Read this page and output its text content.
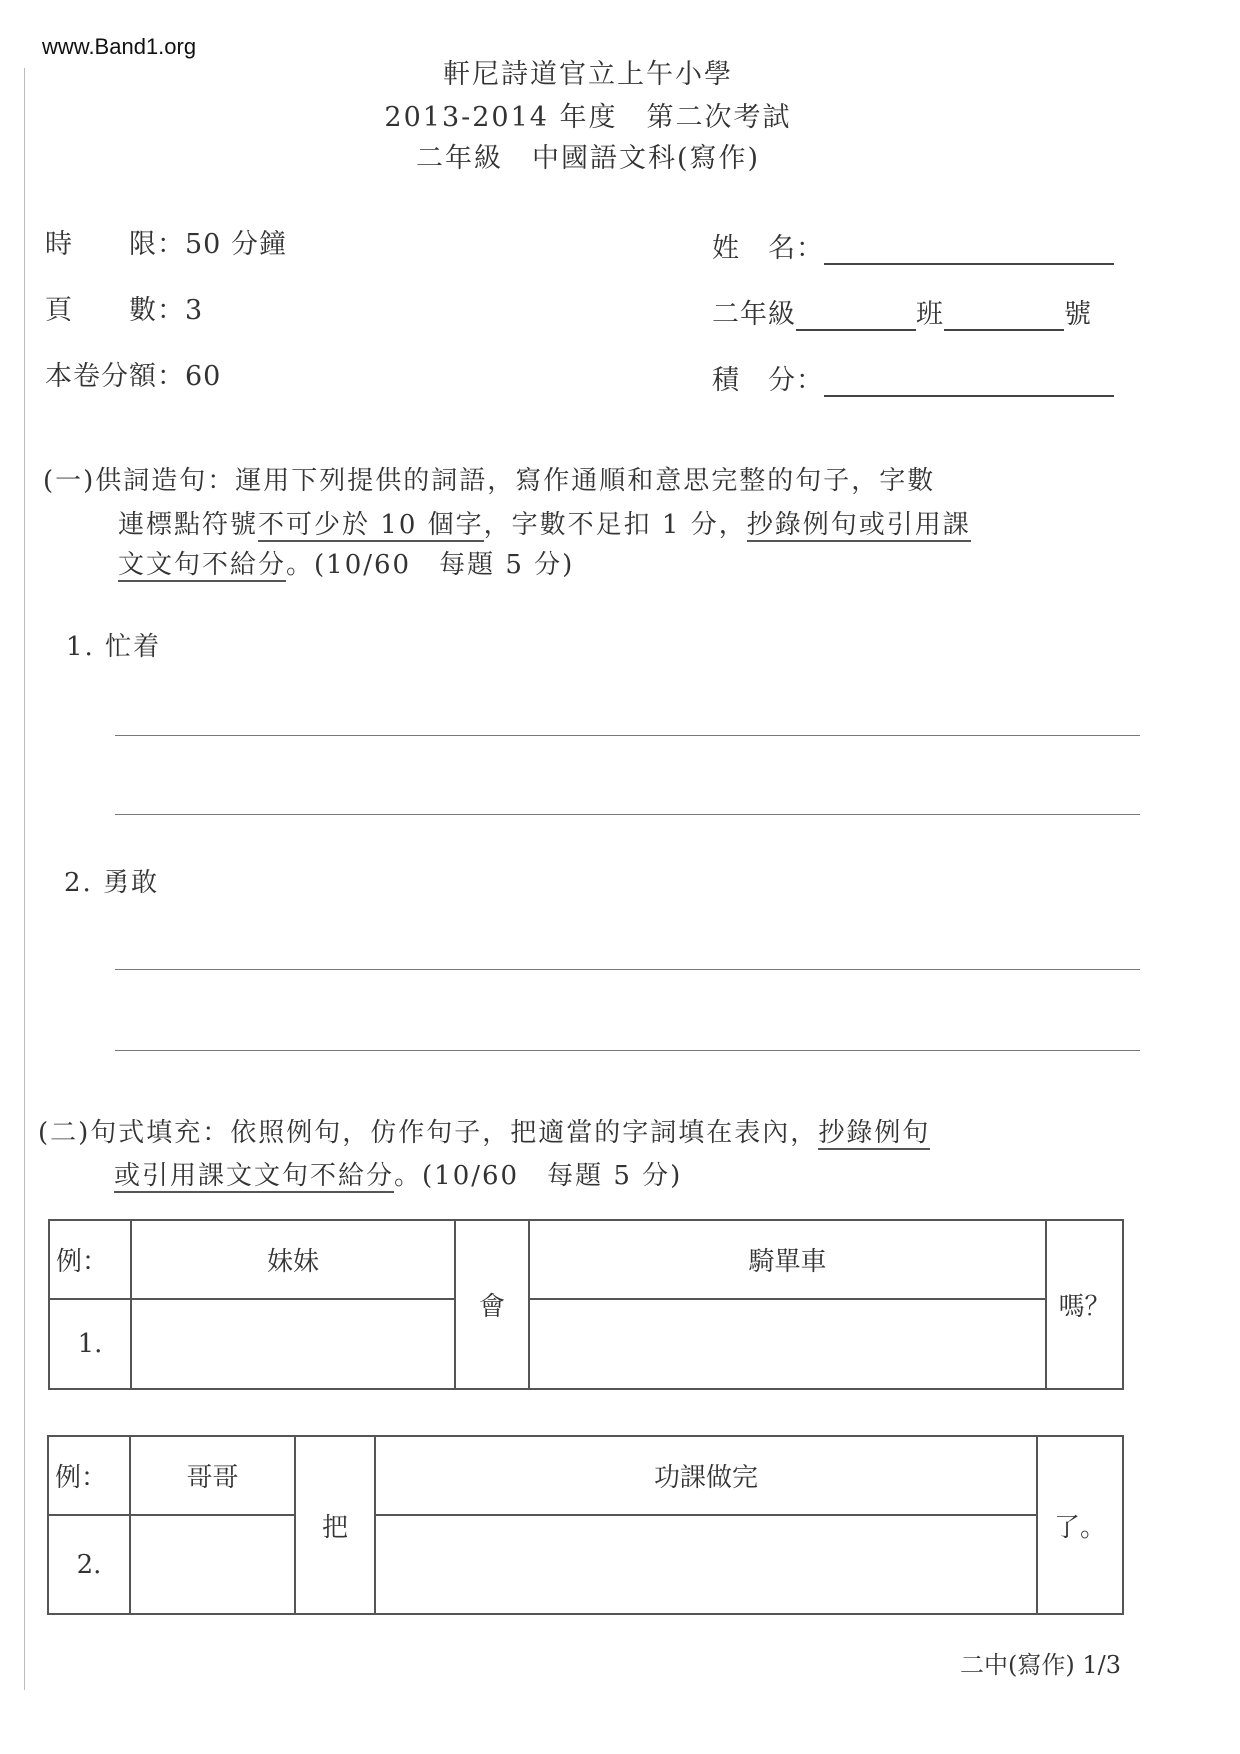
www.Band1.org
軒尼詩道官立上午小學
2013-2014 年度　第二次考試
二年級　中國語文科(寫作)
時　　限：50 分鐘
頁　　數：3
本卷分額：60
姓　名：
二年級	班	號
積　分：
(一)供詞造句：運用下列提供的詞語，寫作通順和意思完整的句子，字數
連標點符號不可少於 10 個字，字數不足扣 1 分，抄錄例句或引用課
文文句不給分。(10/60　每題 5 分)
1. 忙着
2. 勇敢
(二)句式填充：依照例句，仿作句子，把適當的字詞填在表內，抄錄例句
或引用課文文句不給分。(10/60　每題 5 分)
例：	妹妹	會	騎單車	嗎？
1.				
例：	哥哥	把	功課做完	了。
2.				
二中(寫作) 1/3
